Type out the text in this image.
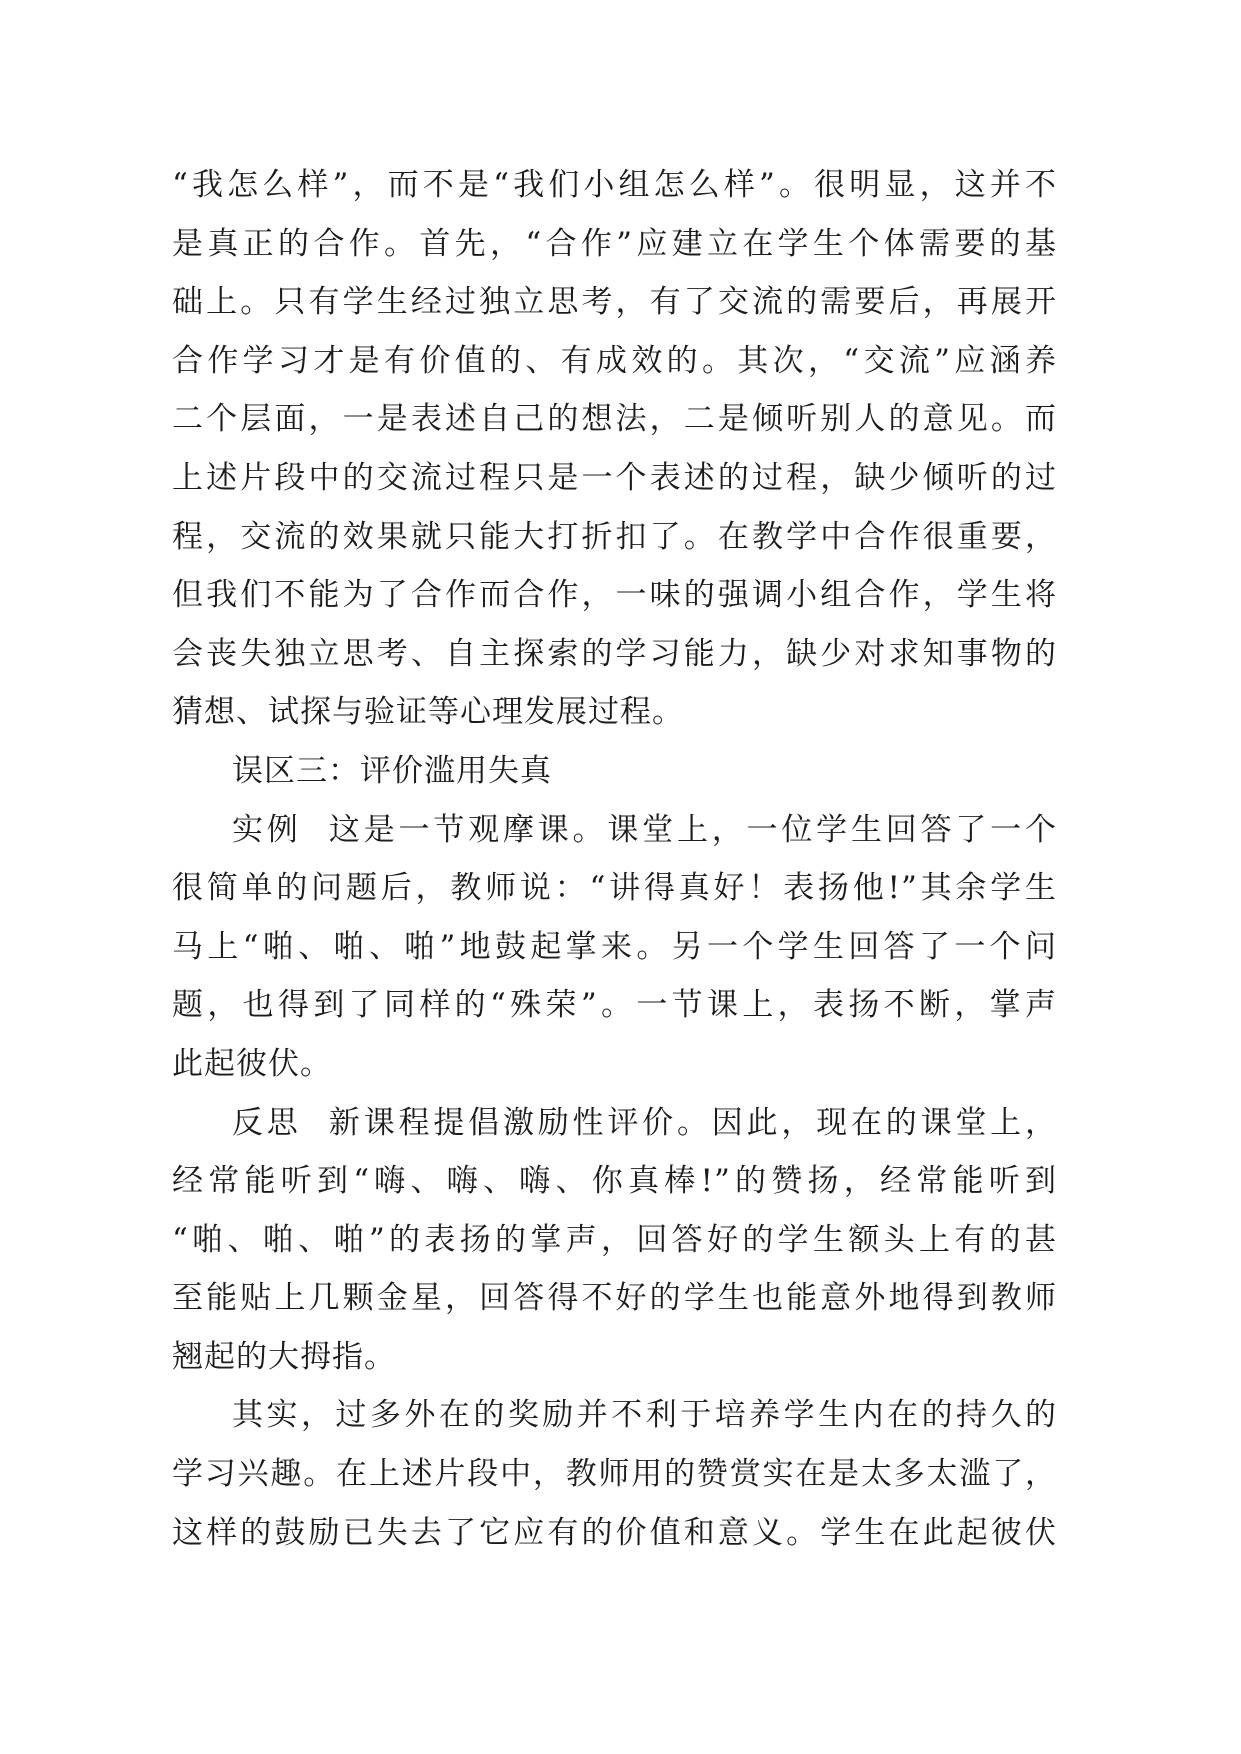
“我怎么样”，而不是“我们小组怎么样”。很明显，这并不
是真正的合作。首先，“合作”应建立在学生个体需要的基
础上。只有学生经过独立思考，有了交流的需要后，再展开
合作学习才是有价值的、有成效的。其次，“交流”应涵养
二个层面，一是表述自己的想法，二是倾听别人的意见。而
上述片段中的交流过程只是一个表述的过程，缺少倾听的过
程，交流的效果就只能大打折扣了。在教学中合作很重要，
但我们不能为了合作而合作，一味的强调小组合作，学生将
会丧失独立思考、自主探索的学习能力，缺少对求知事物的
猜想、试探与验证等心理发展过程。
误区三：评价滥用失真
实例  这是一节观摩课。课堂上，一位学生回答了一个
很简单的问题后，教师说：“讲得真好！表扬他!”其余学生
马上“啪、啪、啪”地鼓起掌来。另一个学生回答了一个问
题，也得到了同样的“殊荣”。一节课上，表扬不断，掌声
此起彼伏。
反思  新课程提倡激励性评价。因此，现在的课堂上，
经常能听到“嗨、嗨、嗨、你真棒!”的赞扬，经常能听到
“啪、啪、啪”的表扬的掌声，回答好的学生额头上有的甚
至能贴上几颗金星，回答得不好的学生也能意外地得到教师
翘起的大拇指。
其实，过多外在的奖励并不利于培养学生内在的持久的
学习兴趣。在上述片段中，教师用的赞赏实在是太多太滥了，
这样的鼓励已失去了它应有的价值和意义。学生在此起彼伏
